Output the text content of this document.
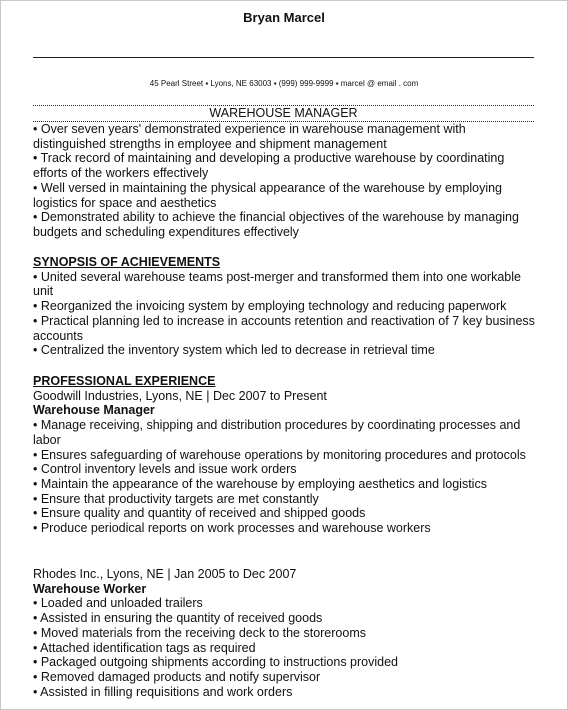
Bryan Marcel
45 Pearl Street ▪ Lyons, NE 63003 ▪ (999) 999-9999 ▪ marcel @ email . com
WAREHOUSE MANAGER

• Over seven years' demonstrated experience in warehouse management with distinguished strengths in employee and shipment management

• Track record of maintaining and developing a productive warehouse by coordinating efforts of the workers effectively

• Well versed in maintaining the physical appearance of the warehouse by employing logistics for space and aesthetics

• Demonstrated ability to achieve the financial objectives of the warehouse by managing budgets and scheduling expenditures effectively

SYNOPSIS OF ACHIEVEMENTS

• United several warehouse teams post-merger and transformed them into one workable unit

• Reorganized the invoicing system by employing technology and reducing paperwork

• Practical planning led to increase in accounts retention and reactivation of 7 key business accounts

• Centralized the inventory system which led to decrease in retrieval time

PROFESSIONAL EXPERIENCE

Goodwill Industries, Lyons, NE | Dec 2007 to Present

Warehouse Manager

• Manage receiving, shipping and distribution procedures by coordinating processes and labor

• Ensures safeguarding of warehouse operations by monitoring procedures and protocols

• Control inventory levels and issue work orders

• Maintain the appearance of the warehouse by employing aesthetics and logistics

• Ensure that productivity targets are met constantly

• Ensure quality and quantity of received and shipped goods

• Produce periodical reports on work processes and warehouse workers

Rhodes Inc., Lyons, NE | Jan 2005 to Dec 2007

Warehouse Worker

• Loaded and unloaded trailers

• Assisted in ensuring the quantity of received goods

• Moved materials from the receiving deck to the storerooms

• Attached identification tags as required

• Packaged outgoing shipments according to instructions provided

• Removed damaged products and notify supervisor

• Assisted in filling requisitions and work orders
